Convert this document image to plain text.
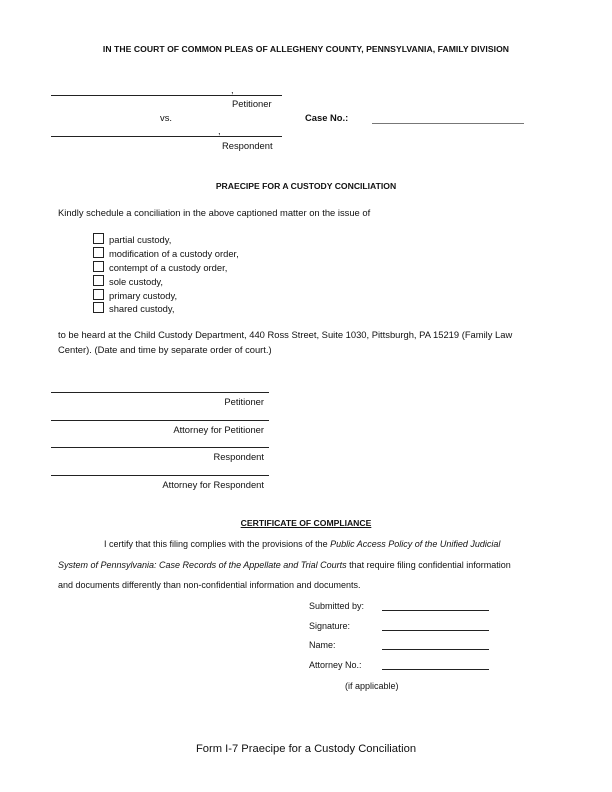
IN THE COURT OF COMMON PLEAS OF ALLEGHENY COUNTY, PENNSYLVANIA, FAMILY DIVISION
,
Petitioner
vs.	Case No.:
,
Respondent
PRAECIPE FOR A CUSTODY CONCILIATION
Kindly schedule a conciliation in the above captioned matter on the issue of
partial custody,
modification of a custody order,
contempt of a custody order,
sole custody,
primary custody,
shared custody,
to be heard at the Child Custody Department, 440 Ross Street, Suite 1030, Pittsburgh, PA 15219 (Family Law
Center). (Date and time by separate order of court.)
Petitioner
Attorney for Petitioner
Respondent
Attorney for Respondent
CERTIFICATE OF COMPLIANCE
I certify that this filing complies with the provisions of the Public Access Policy of the Unified Judicial
System of Pennsylvania: Case Records of the Appellate and Trial Courts that require filing confidential information
and documents differently than non-confidential information and documents.
Submitted by:
Signature:
Name:
Attorney No.:
(if applicable)
Form I-7 Praecipe for a Custody Conciliation
